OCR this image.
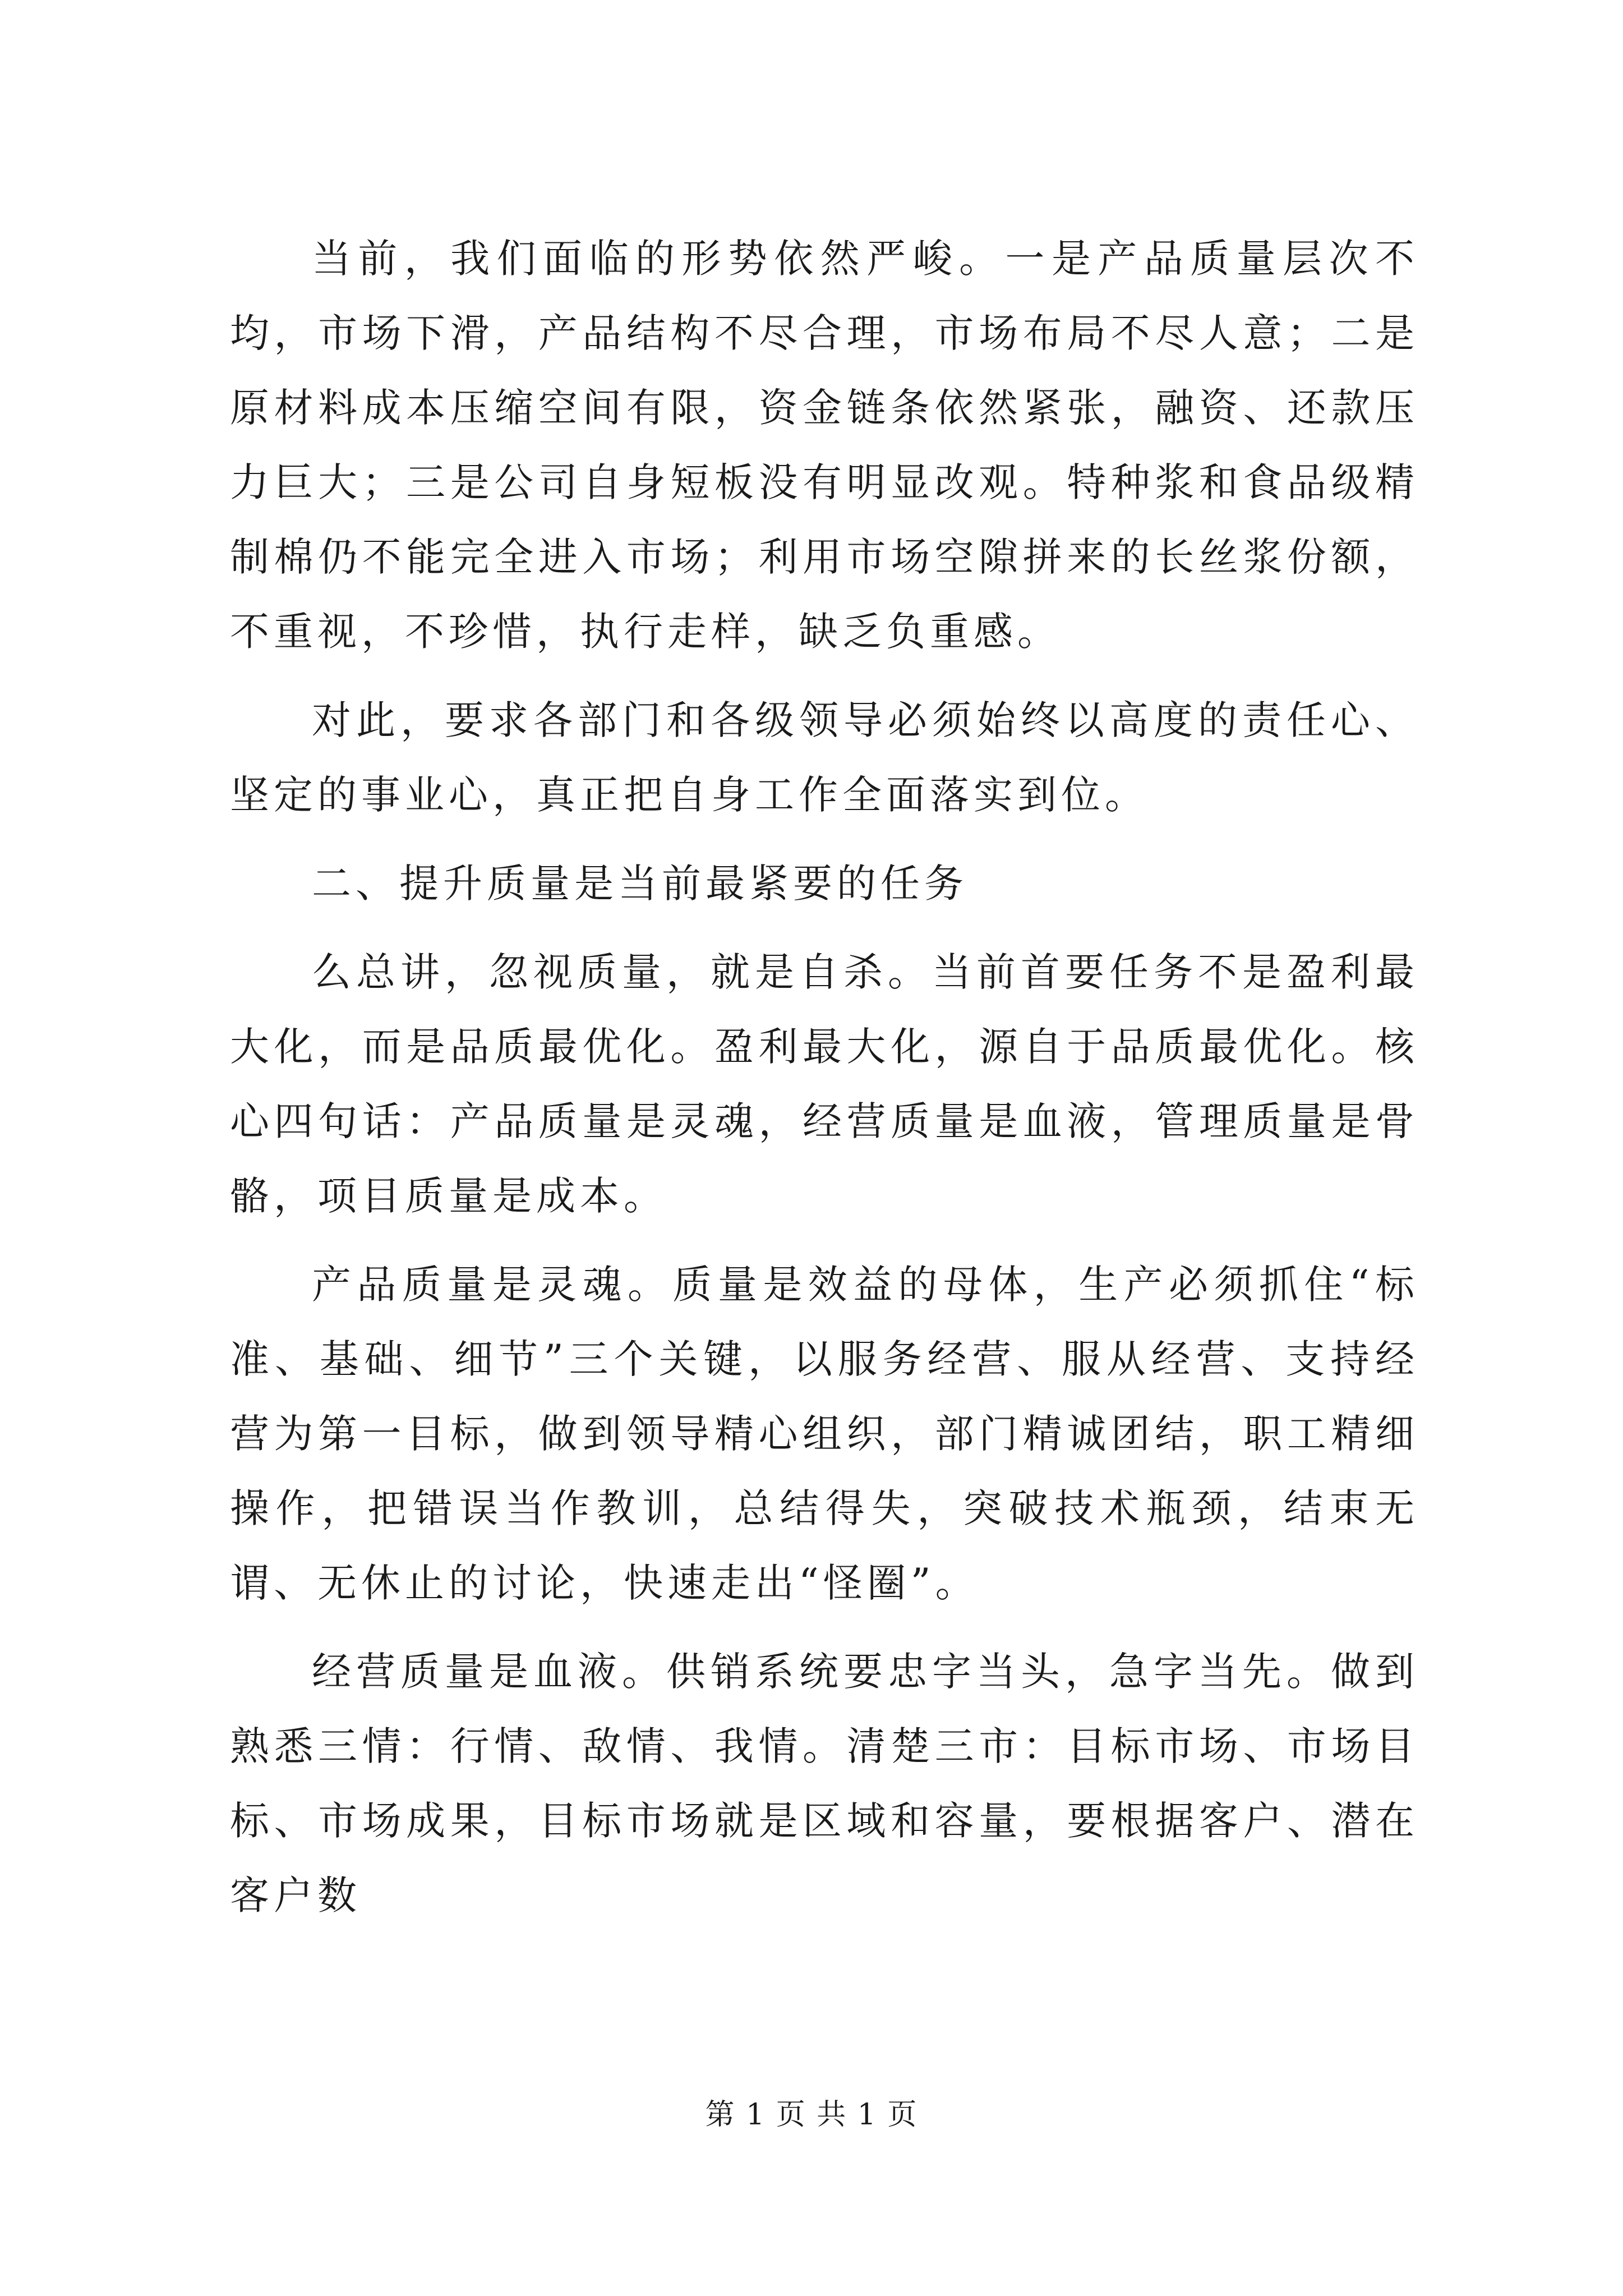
当前，我们面临的形势依然严峻。一是产品质量层次不均，市场下滑，产品结构不尽合理，市场布局不尽人意；二是原材料成本压缩空间有限，资金链条依然紧张，融资、还款压力巨大；三是公司自身短板没有明显改观。特种浆和食品级精制棉仍不能完全进入市场；利用市场空隙拼来的长丝浆份额，不重视，不珍惜，执行走样，缺乏负重感。

对此，要求各部门和各级领导必须始终以高度的责任心、坚定的事业心，真正把自身工作全面落实到位。

二、提升质量是当前最紧要的任务

么总讲，忽视质量，就是自杀。当前首要任务不是盈利最大化，而是品质最优化。盈利最大化，源自于品质最优化。核心四句话：产品质量是灵魂，经营质量是血液，管理质量是骨骼，项目质量是成本。

产品质量是灵魂。质量是效益的母体，生产必须抓住“标准、基础、细节”三个关键，以服务经营、服从经营、支持经营为第一目标，做到领导精心组织，部门精诚团结，职工精细操作，把错误当作教训，总结得失，突破技术瓶颈，结束无谓、无休止的讨论，快速走出“怪圈”。

经营质量是血液。供销系统要忠字当头，急字当先。做到熟悉三情：行情、敌情、我情。清楚三市：目标市场、市场目标、市场成果，目标市场就是区域和容量，要根据客户、潜在客户数

第 1 页 共 1 页
